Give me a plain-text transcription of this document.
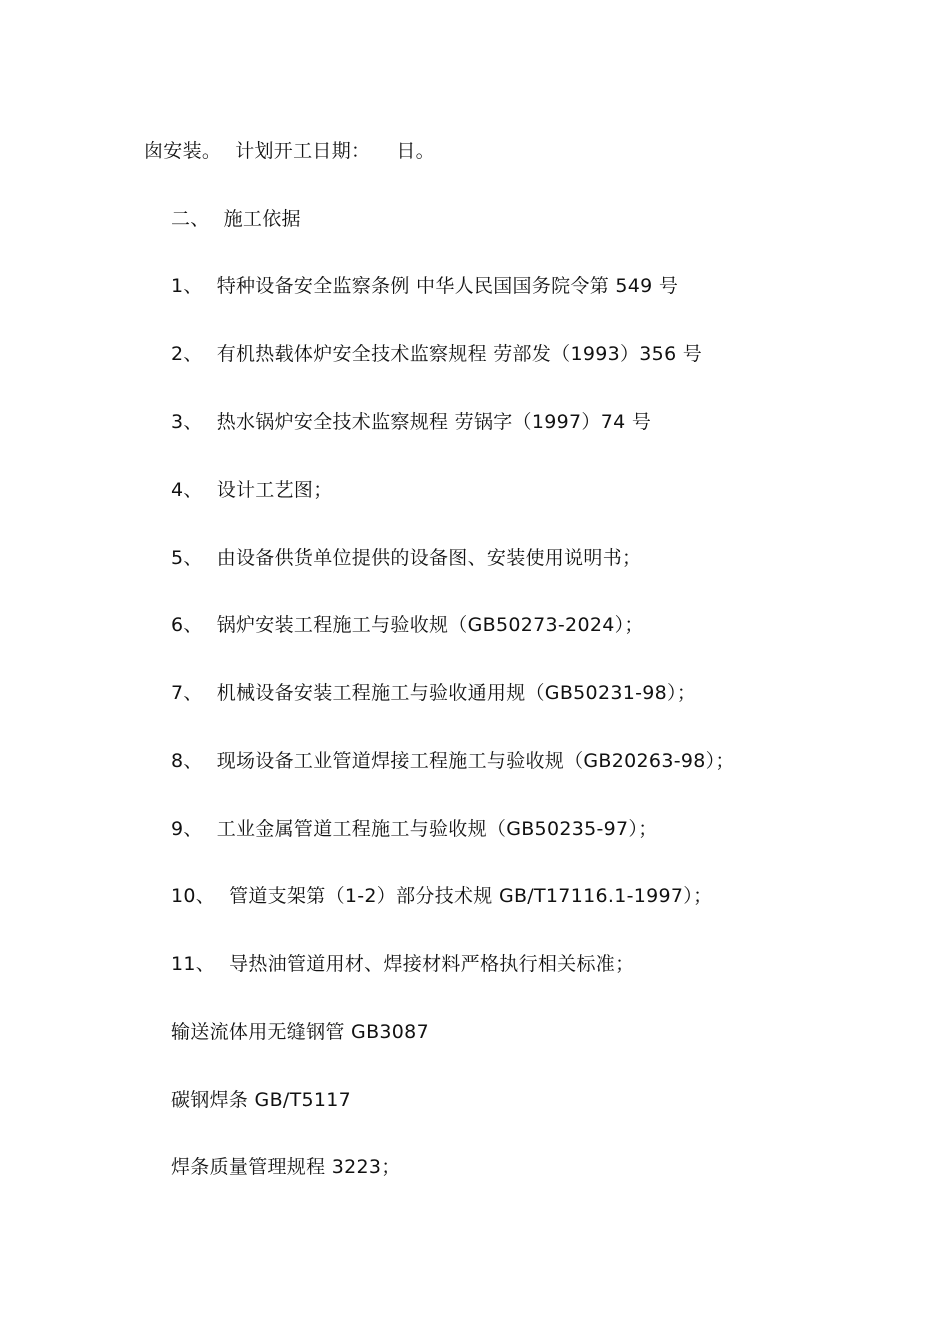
囱安装。 计划开工日期： 日。
二、 施工依据
1、 特种设备安全监察条例 中华人民国国务院令第 549 号
2、 有机热载体炉安全技术监察规程 劳部发（1993）356 号
3、 热水锅炉安全技术监察规程 劳锅字（1997）74 号
4、 设计工艺图；
5、 由设备供货单位提供的设备图、安装使用说明书；
6、 锅炉安装工程施工与验收规（GB50273-2024）；
7、 机械设备安装工程施工与验收通用规（GB50231-98）；
8、 现场设备工业管道焊接工程施工与验收规（GB20263-98）；
9、 工业金属管道工程施工与验收规（GB50235-97）；
10、 管道支架第（1-2）部分技术规 GB/T17116.1-1997）；
11、 导热油管道用材、焊接材料严格执行相关标准；
输送流体用无缝钢管 GB3087
碳钢焊条 GB/T5117
焊条质量管理规程 3223；
